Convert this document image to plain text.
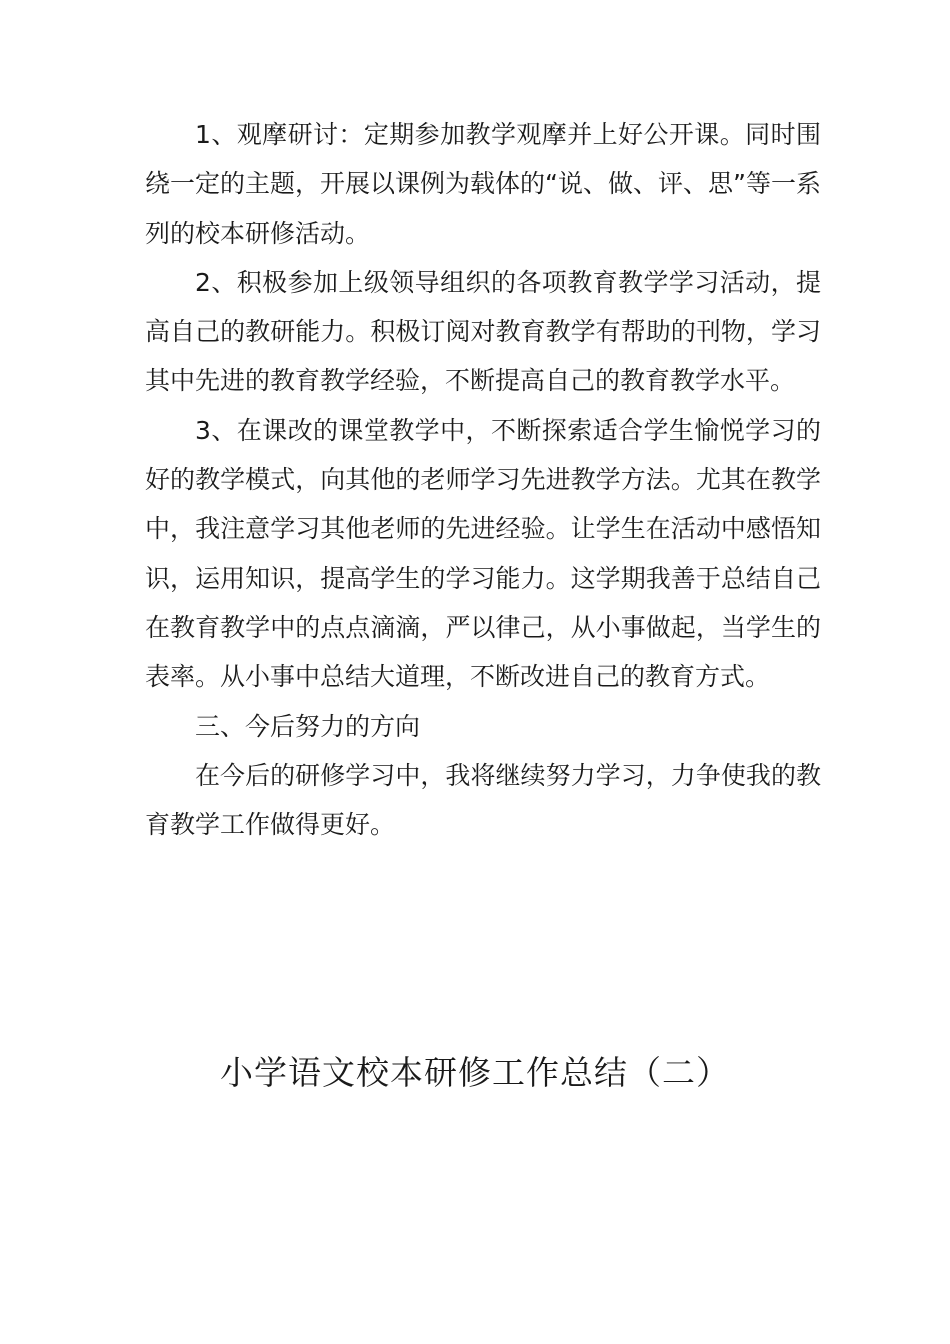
1、观摩研讨：定期参加教学观摩并上好公开课。同时围绕一定的主题，开展以课例为载体的“说、做、评、思”等一系列的校本研修活动。

2、积极参加上级领导组织的各项教育教学学习活动，提高自己的教研能力。积极订阅对教育教学有帮助的刊物，学习其中先进的教育教学经验，不断提高自己的教育教学水平。

3、在课改的课堂教学中，不断探索适合学生愉悦学习的好的教学模式，向其他的老师学习先进教学方法。尤其在教学中，我注意学习其他老师的先进经验。让学生在活动中感悟知识，运用知识，提高学生的学习能力。这学期我善于总结自己在教育教学中的点点滴滴，严以律己，从小事做起，当学生的表率。从小事中总结大道理，不断改进自己的教育方式。

三、今后努力的方向

在今后的研修学习中，我将继续努力学习，力争使我的教育教学工作做得更好。

小学语文校本研修工作总结（二）
